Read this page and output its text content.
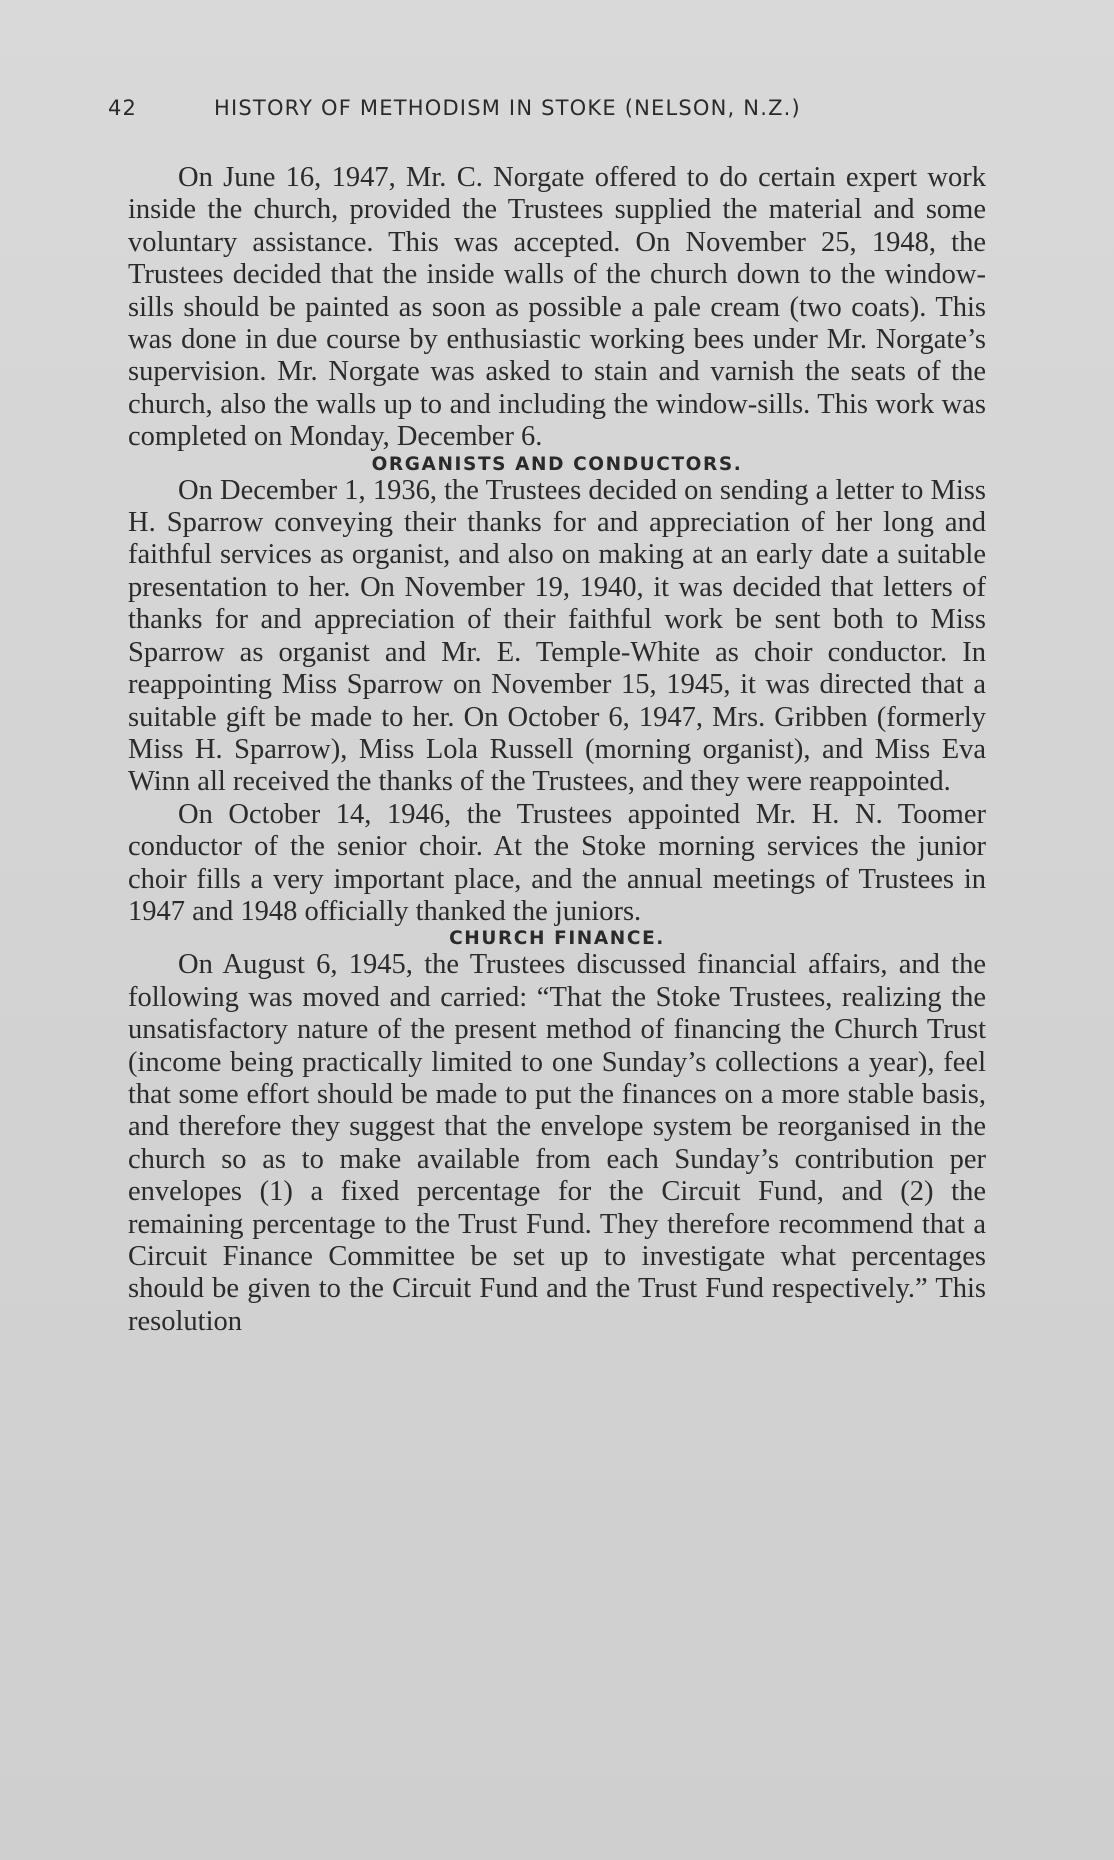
42	HISTORY OF METHODISM IN STOKE (NELSON, N.Z.)

On June 16, 1947, Mr. C. Norgate offered to do certain expert work inside the church, provided the Trustees supplied the material and some voluntary assistance. This was accepted. On November 25, 1948, the Trustees decided that the inside walls of the church down to the window-sills should be painted as soon as possible a pale cream (two coats). This was done in due course by enthusiastic working bees under Mr. Norgate’s supervision. Mr. Norgate was asked to stain and varnish the seats of the church, also the walls up to and including the window-sills. This work was completed on Monday, December 6.

ORGANISTS AND CONDUCTORS.

On December 1, 1936, the Trustees decided on sending a letter to Miss H. Sparrow conveying their thanks for and appreciation of her long and faithful services as organist, and also on making at an early date a suitable presentation to her. On November 19, 1940, it was decided that letters of thanks for and appreciation of their faithful work be sent both to Miss Sparrow as organist and Mr. E. Temple-White as choir conductor. In reappointing Miss Sparrow on November 15, 1945, it was directed that a suitable gift be made to her. On October 6, 1947, Mrs. Gribben (formerly Miss H. Sparrow), Miss Lola Russell (morning organist), and Miss Eva Winn all received the thanks of the Trustees, and they were reappointed.

On October 14, 1946, the Trustees appointed Mr. H. N. Toomer conductor of the senior choir. At the Stoke morning services the junior choir fills a very important place, and the annual meetings of Trustees in 1947 and 1948 officially thanked the juniors.

CHURCH FINANCE.

On August 6, 1945, the Trustees discussed financial affairs, and the following was moved and carried: “That the Stoke Trustees, realizing the unsatisfactory nature of the present method of financing the Church Trust (income being practically limited to one Sunday’s collections a year), feel that some effort should be made to put the finances on a more stable basis, and therefore they suggest that the envelope system be reorganised in the church so as to make available from each Sunday’s contribution per envelopes (1) a fixed percentage for the Circuit Fund, and (2) the remaining percentage to the Trust Fund. They therefore recommend that a Circuit Finance Committee be set up to investigate what percentages should be given to the Circuit Fund and the Trust Fund respectively.” This resolution
